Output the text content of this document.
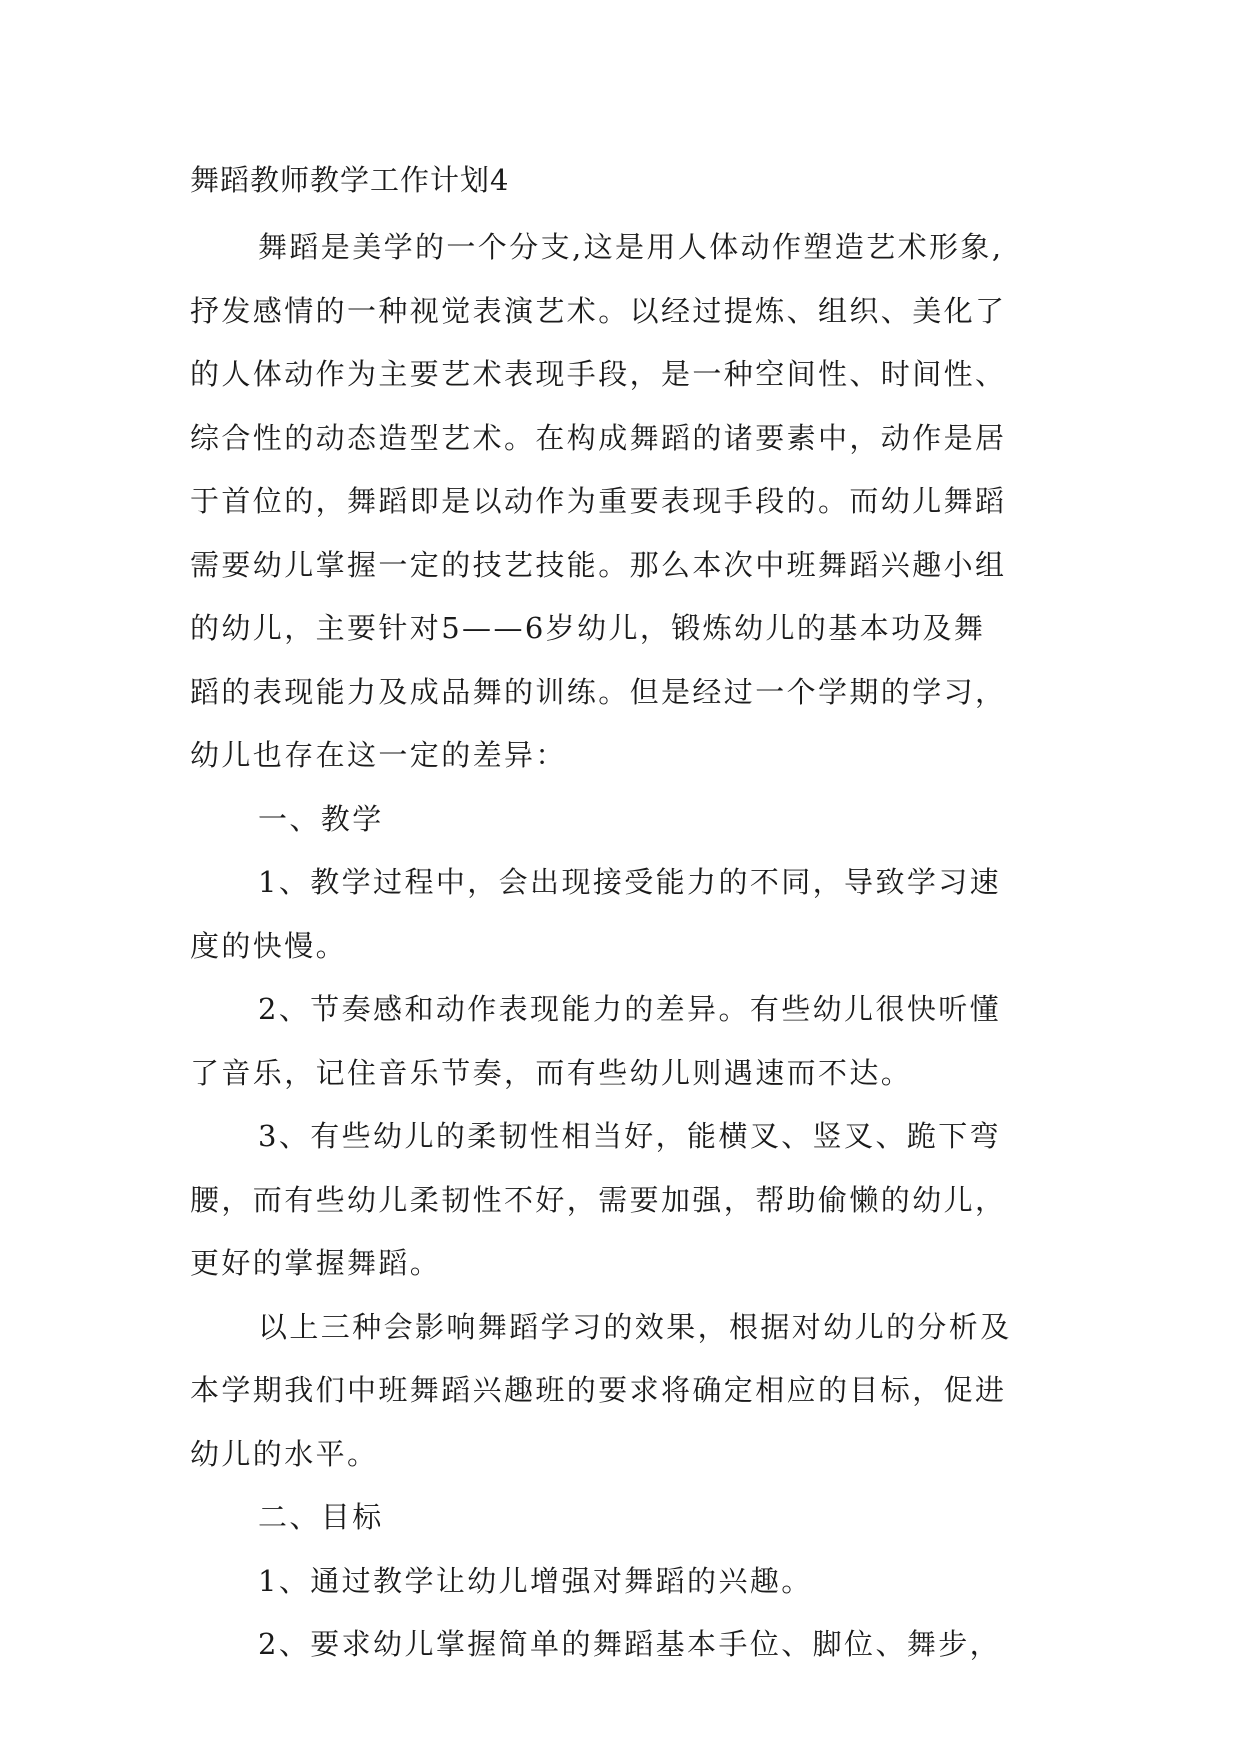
舞蹈教师教学工作计划4

舞蹈是美学的一个分支,这是用人体动作塑造艺术形象,
抒发感情的一种视觉表演艺术。以经过提炼、组织、美化了
的人体动作为主要艺术表现手段，是一种空间性、时间性、
综合性的动态造型艺术。在构成舞蹈的诸要素中，动作是居
于首位的，舞蹈即是以动作为重要表现手段的。而幼儿舞蹈
需要幼儿掌握一定的技艺技能。那么本次中班舞蹈兴趣小组
的幼儿，主要针对5——6岁幼儿，锻炼幼儿的基本功及舞
蹈的表现能力及成品舞的训练。但是经过一个学期的学习，
幼儿也存在这一定的差异：

一、教学

1、教学过程中，会出现接受能力的不同，导致学习速
度的快慢。

2、节奏感和动作表现能力的差异。有些幼儿很快听懂
了音乐，记住音乐节奏，而有些幼儿则遇速而不达。

3、有些幼儿的柔韧性相当好，能横叉、竖叉、跪下弯
腰，而有些幼儿柔韧性不好，需要加强，帮助偷懒的幼儿，
更好的掌握舞蹈。

以上三种会影响舞蹈学习的效果，根据对幼儿的分析及
本学期我们中班舞蹈兴趣班的要求将确定相应的目标，促进
幼儿的水平。

二、目标

1、通过教学让幼儿增强对舞蹈的兴趣。

2、要求幼儿掌握简单的舞蹈基本手位、脚位、舞步，
